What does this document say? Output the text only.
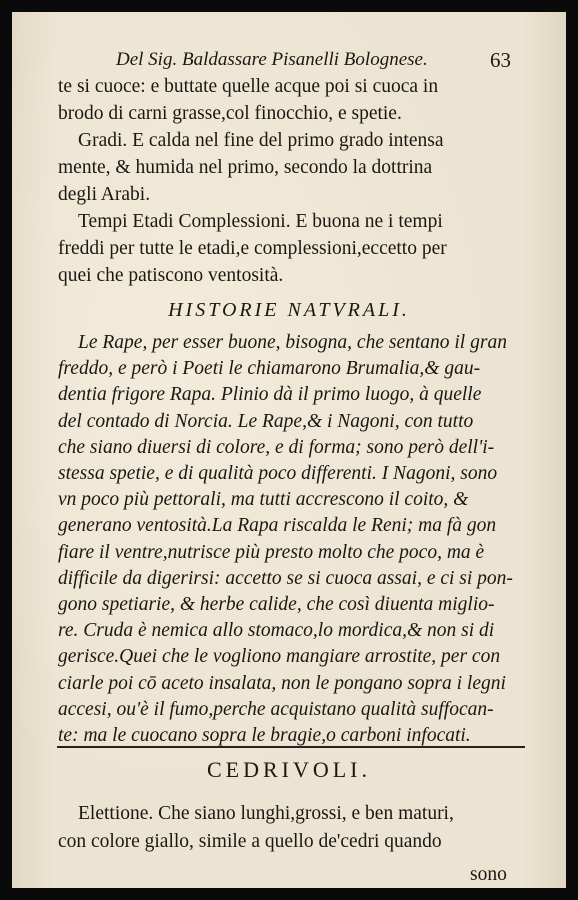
Del Sig. Baldassare Pisanelli Bolognese.	63
te si cuoce: e buttate quelle acque poi si cuoca in
brodo di carni grasse,col finocchio, e spetie.
Gradi. E calda nel fine del primo grado intensa
mente, & humida nel primo, secondo la dottrina
degli Arabi.
Tempi Etadi Complessioni. E buona ne i tempi
freddi per tutte le etadi,e complessioni,eccetto per
quei che patiscono ventosità.
HISTORIE NATVRALI.
Le Rape, per esser buone, bisogna, che sentano il gran
freddo, e però i Poeti le chiamarono Brumalia,& gau-
dentia frigore Rapa. Plinio dà il primo luogo, à quelle
del contado di Norcia. Le Rape,& i Nagoni, con tutto
che siano diuersi di colore, e di forma; sono però dell'i-
stessa spetie, e di qualità poco differenti. I Nagoni, sono
vn poco più pettorali, ma tutti accrescono il coito, &
generano ventosità.La Rapa riscalda le Reni; ma fà gon
fiare il ventre,nutrisce più presto molto che poco, ma è
difficile da digerirsi: accetto se si cuoca assai, e ci si pon-
gono spetiarie, & herbe calide, che così diuenta miglio-
re. Cruda è nemica allo stomaco,lo mordica,& non si di
gerisce.Quei che le vogliono mangiare arrostite, per con
ciarle poi cō aceto insalata, non le pongano sopra i legni
accesi, ou'è il fumo,perche acquistano qualità suffocan-
te: ma le cuocano sopra le bragie,o carboni infocati.
CEDRIVOLI.
Elettione. Che siano lunghi,grossi, e ben maturi,
con colore giallo, simile a quello de'cedri quando
sono
